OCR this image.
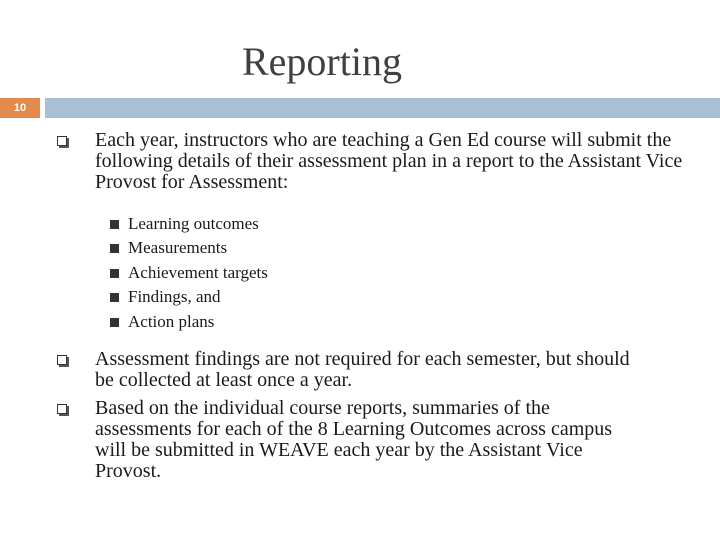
Reporting
10
Each year, instructors who are teaching a Gen Ed course will submit the following details of their assessment plan in a report to the Assistant Vice Provost for Assessment:
Learning outcomes
Measurements
Achievement targets
Findings, and
Action plans
Assessment findings are not required for each semester, but should be collected at least once a year.
Based on the individual course reports, summaries of the assessments for each of the 8 Learning Outcomes across campus will be submitted in WEAVE each year by the Assistant Vice Provost.
